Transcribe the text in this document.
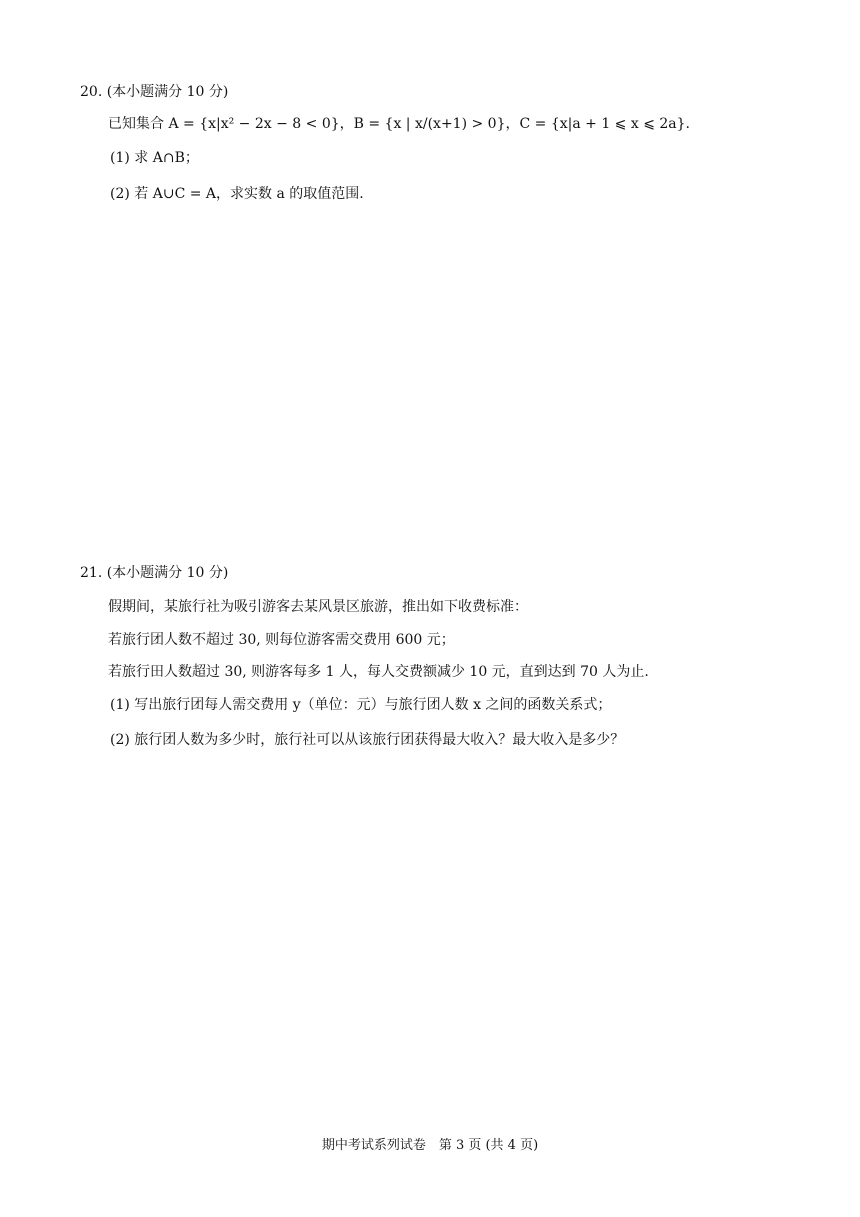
20. (本小题满分 10 分)
已知集合 A = {x|x² − 2x − 8 < 0}，B = {x | x/(x+1) > 0}，C = {x|a + 1 ⩽ x ⩽ 2a}.
(1) 求 A∩B；
(2) 若 A∪C = A，求实数 a 的取值范围.
21. (本小题满分 10 分)
假期间，某旅行社为吸引游客去某风景区旅游，推出如下收费标准：
若旅行团人数不超过 30, 则每位游客需交费用 600 元；
若旅行田人数超过 30, 则游客每多 1 人，每人交费额减少 10 元，直到达到 70 人为止.
(1) 写出旅行团每人需交费用 y（单位：元）与旅行团人数 x 之间的函数关系式；
(2) 旅行团人数为多少时，旅行社可以从该旅行团获得最大收入？最大收入是多少？
期中考试系列试卷　第 3 页 (共 4 页)
